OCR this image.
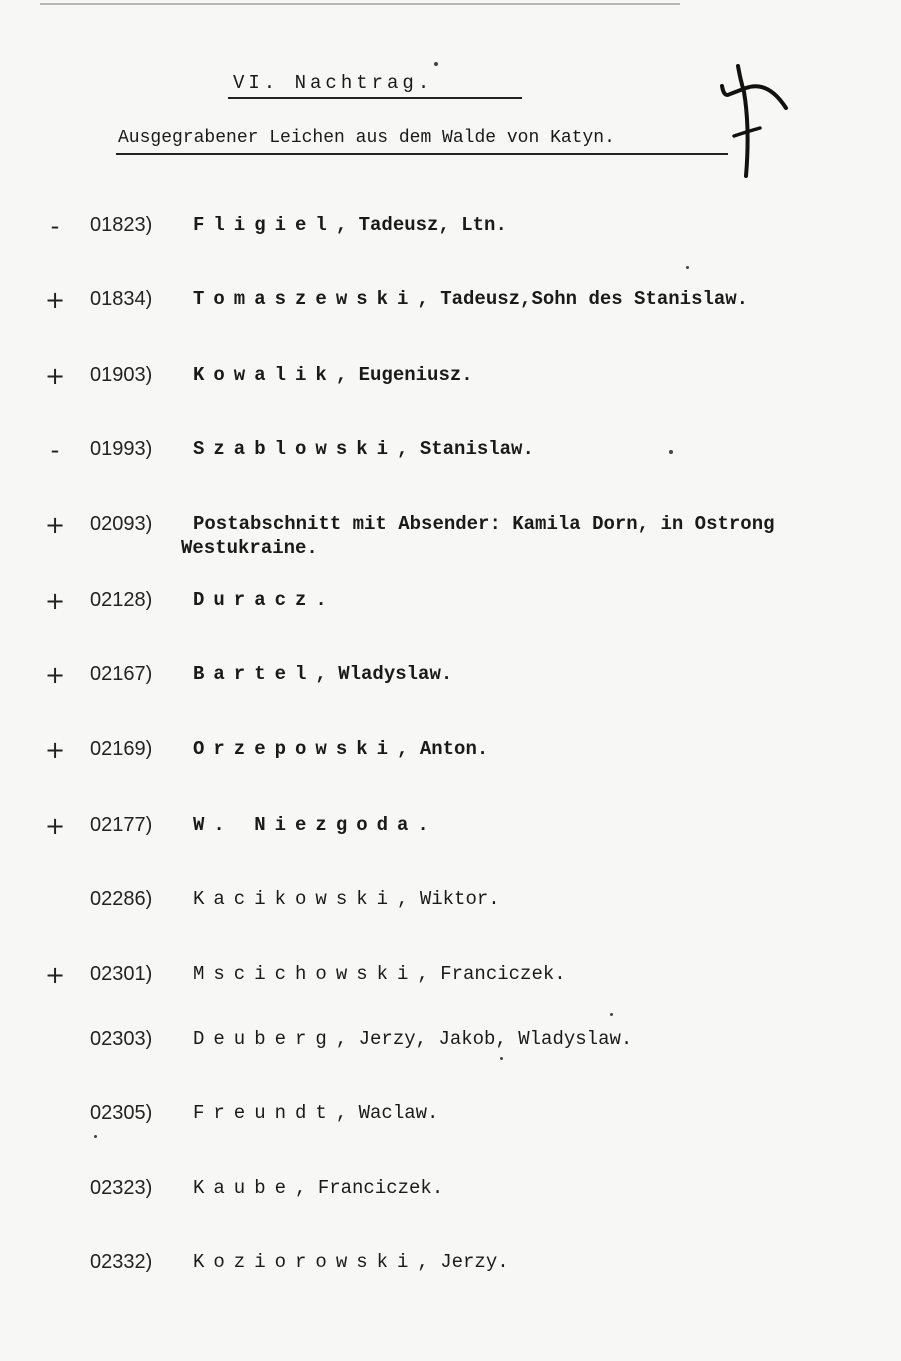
VI. Nachtrag.
Ausgegrabener Leichen aus dem Walde von Katyn.
-	01823) Fligiel, Tadeusz, Ltn.
+ 01834) Tomaszewski, Tadeusz,Sohn des Stanislaw.
+ 01903) Kowalik, Eugeniusz.
-	01993) Szablowski, Stanislaw.
+ 02093) Postabschnitt mit Absender: Kamila Dorn, in Ostrong
Westukraine.
+ 02128) Duracz.
+ 02167) Bartel, Wladyslaw.
+ 02169) Orzepowski, Anton.
+ 02177) W. Niezgoda.
02286) Kacikowski, Wiktor.
+ 02301) Mscichowski, Franciczek.
02303) Deuberg, Jerzy, Jakob, Wladyslaw.
02305) Freundt, Waclaw.
02323) Kaube, Franciczek.
02332) Koziorowski, Jerzy.
